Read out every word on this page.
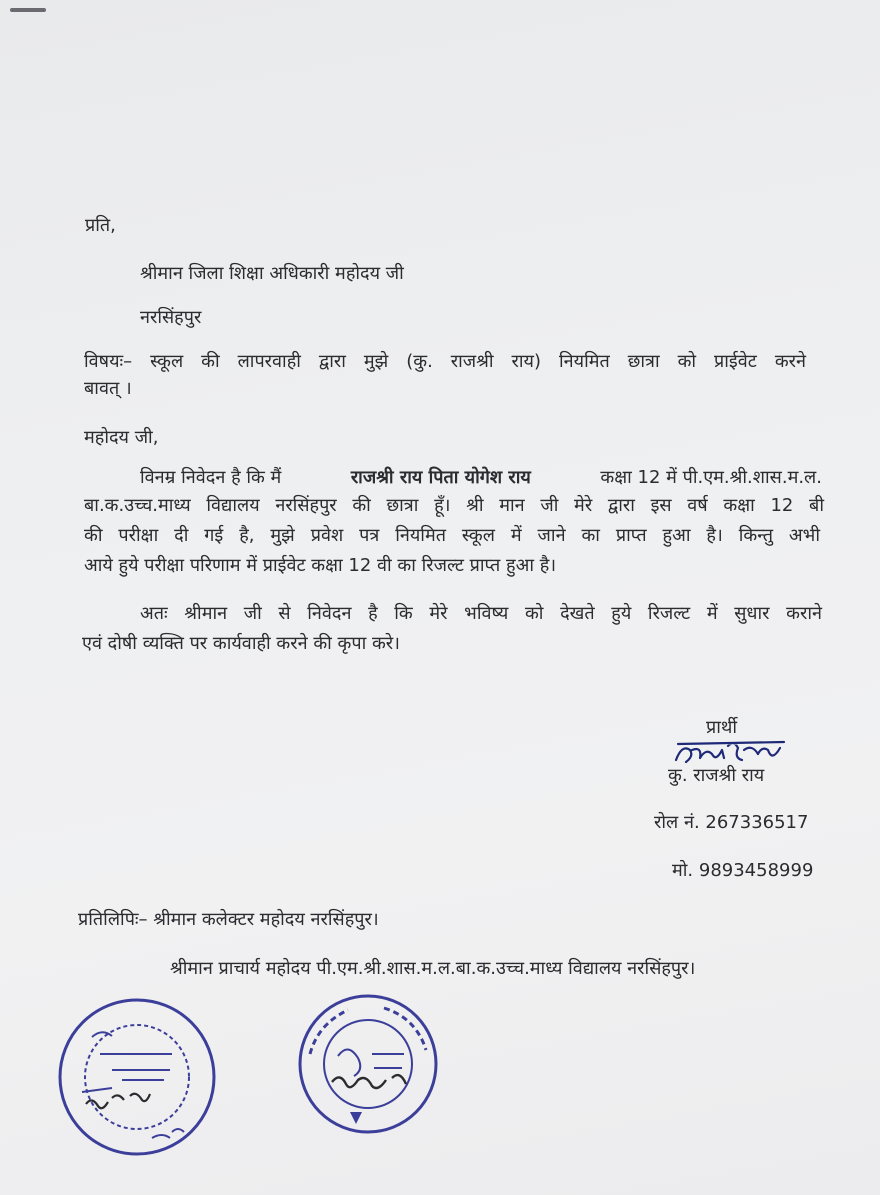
प्रति,
श्रीमान जिला शिक्षा अधिकारी महोदय जी
नरसिंहपुर
विषयः– स्कूल की लापरवाही द्वारा मुझे (कु. राजश्री राय) नियमित छात्रा को प्राईवेट करने
बावत् ।
महोदय जी,
विनम्र निवेदन है कि मैं	राजश्री राय पिता योगेश राय	कक्षा 12 में पी.एम.श्री.शास.म.ल.
बा.क.उच्च.माध्य विद्यालय नरसिंहपुर की छात्रा हूँ। श्री मान जी मेरे द्वारा इस वर्ष कक्षा 12 बी
की परीक्षा दी गई है, मुझे प्रवेश पत्र नियमित स्कूल में जाने का प्राप्त हुआ है। किन्तु अभी
आये हुये परीक्षा परिणाम में प्राईवेट कक्षा 12 वी का रिजल्ट प्राप्त हुआ है।
अतः श्रीमान जी से निवेदन है कि मेरे भविष्य को देखते हुये रिजल्ट में सुधार कराने
एवं दोषी व्यक्ति पर कार्यवाही करने की कृपा करे।
प्रार्थी
कु. राजश्री राय
रोल नं. 267336517
मो. 9893458999
प्रतिलिपिः– श्रीमान कलेक्टर महोदय नरसिंहपुर।
श्रीमान प्राचार्य महोदय पी.एम.श्री.शास.म.ल.बा.क.उच्च.माध्य विद्यालय नरसिंहपुर।
